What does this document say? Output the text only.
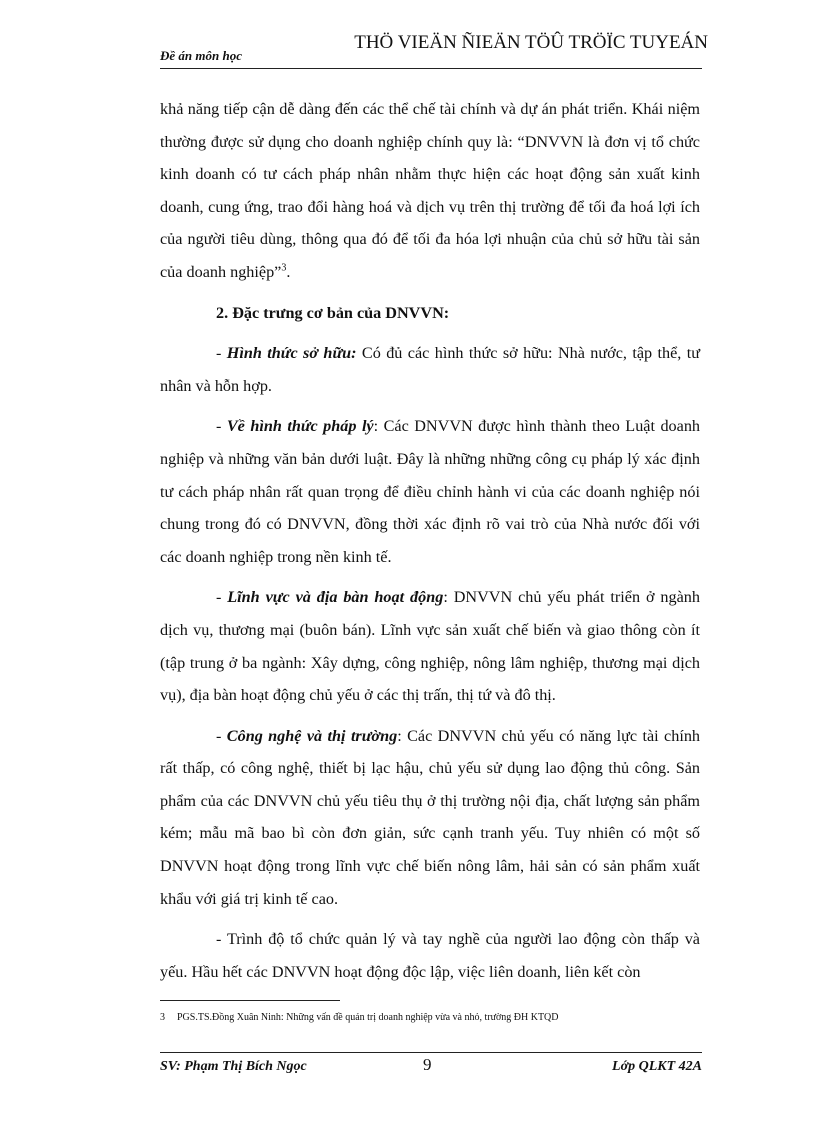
Đề án môn học
THÖ VIEÄN ÑIEÄN TÖÛ TRÖÏC TUYEÁN

khả năng tiếp cận dễ dàng đến các thể chế tài chính và dự án phát triển. Khái niệm thường được sử dụng cho doanh nghiệp chính quy là: “DNVVN là đơn vị tổ chức kinh doanh có tư cách pháp nhân nhằm thực hiện các hoạt động sản xuất kinh doanh, cung ứng, trao đổi hàng hoá và dịch vụ trên thị trường để tối đa hoá lợi ích của người tiêu dùng, thông qua đó để tối đa hóa lợi nhuận của chủ sở hữu tài sản của doanh nghiệp”$^3$.

2. Đặc trưng cơ bản của DNVVN:

- Hình thức sở hữu: Có đủ các hình thức sở hữu: Nhà nước, tập thể, tư nhân và hỗn hợp.

- Về hình thức pháp lý: Các DNVVN được hình thành theo Luật doanh nghiệp và những văn bản dưới luật. Đây là những những công cụ pháp lý xác định tư cách pháp nhân rất quan trọng để điều chỉnh hành vi của các doanh nghiệp nói chung trong đó có DNVVN, đồng thời xác định rõ vai trò của Nhà nước đối với các doanh nghiệp trong nền kinh tế.

- Lĩnh vực và địa bàn hoạt động: DNVVN chủ yếu phát triển ở ngành dịch vụ, thương mại (buôn bán). Lĩnh vực sản xuất chế biến và giao thông còn ít (tập trung ở ba ngành: Xây dựng, công nghiệp, nông lâm nghiệp, thương mại dịch vụ), địa bàn hoạt động chủ yếu ở các thị trấn, thị tứ và đô thị.

- Công nghệ và thị trường: Các DNVVN chủ yếu có năng lực tài chính rất thấp, có công nghệ, thiết bị lạc hậu, chủ yếu sử dụng lao động thủ công. Sản phẩm của các DNVVN chủ yếu tiêu thụ ở thị trường nội địa, chất lượng sản phẩm kém; mẫu mã bao bì còn đơn giản, sức cạnh tranh yếu. Tuy nhiên có một số DNVVN hoạt động trong lĩnh vực chế biến nông lâm, hải sản có sản phẩm xuất khẩu với giá trị kinh tế cao.

- Trình độ tổ chức quản lý và tay nghề của người lao động còn thấp và yếu. Hầu hết các DNVVN hoạt động độc lập, việc liên doanh, liên kết còn

3 PGS.TS.Đồng Xuân Ninh: Những vấn đề quản trị doanh nghiệp vừa và nhỏ, trường ĐH KTQD
SV: Phạm Thị Bích Ngọc	9	Lớp QLKT 42A
